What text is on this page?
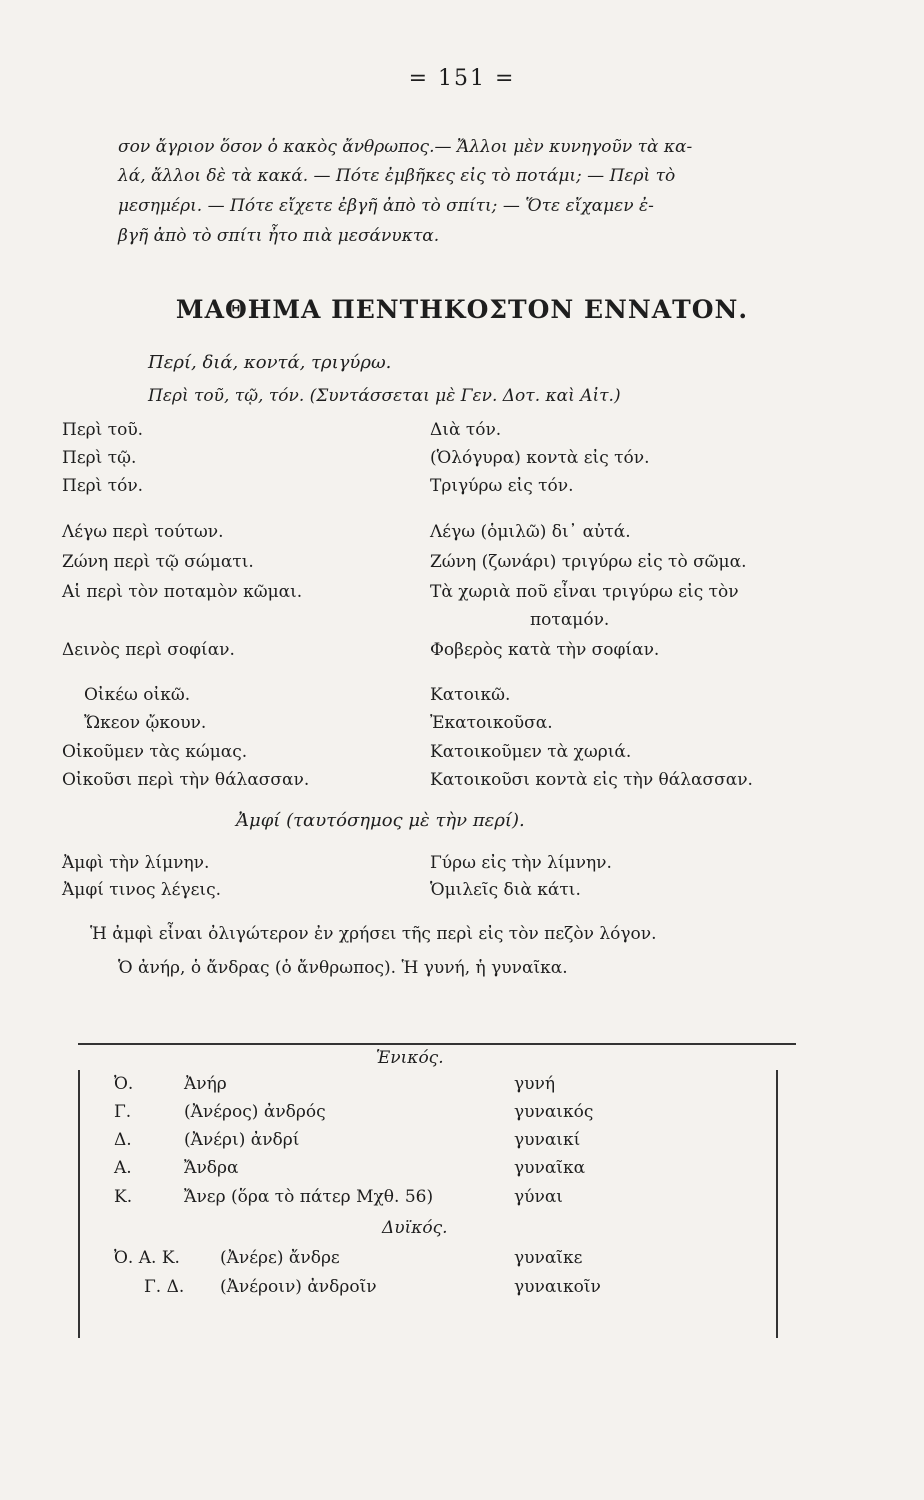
= 151 =
σον ἄγριον ὅσον ὁ κακὸς ἄνθρωπος.— Ἄλλοι μὲν κυνηγοῦν τὰ κα-
λά, ἄλλοι δὲ τὰ κακά. — Πότε ἐμβῆκες εἰς τὸ ποτάμι; — Περὶ τὸ
μεσημέρι. — Πότε εἴχετε ἐβγῆ ἀπὸ τὸ σπίτι; — Ὅτε εἴχαμεν ἐ-
βγῆ ἀπὸ τὸ σπίτι ἦτο πιὰ μεσάνυκτα.
ΜΑΘΗΜΑ ΠΕΝΤΗΚΟΣΤΟΝ ΕΝΝΑΤΟΝ.
Περί, διά, κοντά, τριγύρω.
Περὶ τοῦ, τῷ, τόν. (Συντάσσεται μὲ Γεν. Δοτ. καὶ Αἰτ.)
Περὶ τοῦ.	Διὰ τόν.
Περὶ τῷ.	(Ὁλόγυρα) κοντὰ εἰς τόν.
Περὶ τόν.	Τριγύρω εἰς τόν.
Λέγω περὶ τούτων.	Λέγω (ὁμιλῶ) δι᾽ αὐτά.
Ζώνη περὶ τῷ σώματι.	Ζώνη (ζωνάρι) τριγύρω εἰς τὸ σῶμα.
Αἱ περὶ τὸν ποταμὸν κῶμαι.	Τὰ χωριὰ ποῦ εἶναι τριγύρω εἰς τὸν
ποταμόν.
Δεινὸς περὶ σοφίαν.	Φοβερὸς κατὰ τὴν σοφίαν.
Οἰκέω οἰκῶ.	Κατοικῶ.
Ὤκεον ᾤκουν.	Ἐκατοικοῦσα.
Οἰκοῦμεν τὰς κώμας.	Κατοικοῦμεν τὰ χωριά.
Οἰκοῦσι περὶ τὴν θάλασσαν.	Κατοικοῦσι κοντὰ εἰς τὴν θάλασσαν.
Ἀμφί (ταυτόσημος μὲ τὴν περί).
Ἀμφὶ τὴν λίμνην.	Γύρω εἰς τὴν λίμνην.
Ἀμφί τινος λέγεις.	Ὁμιλεῖς διὰ κάτι.
Ἡ ἀμφὶ εἶναι ὀλιγώτερον ἐν χρήσει τῆς περὶ εἰς τὸν πεζὸν λόγον.
Ὁ ἀνήρ, ὁ ἄνδρας (ὁ ἄνθρωπος). Ἡ γυνή, ἡ γυναῖκα.
Ἑνικός.
Ὀ.	Ἀνήρ	γυνή
Γ.	(Ἀνέρος) ἀνδρός	γυναικός
Δ.	(Ἀνέρι) ἀνδρί	γυναικί
Α.	Ἄνδρα	γυναῖκα
Κ.	Ἄνερ (ὅρα τὸ πάτερ Μχθ. 56)	γύναι
Δυϊκός.
Ὀ. Α. Κ. (Ἀνέρε) ἄνδρε	γυναῖκε
Γ. Δ. (Ἀνέροιν) ἀνδροῖν	γυναικοῖν
